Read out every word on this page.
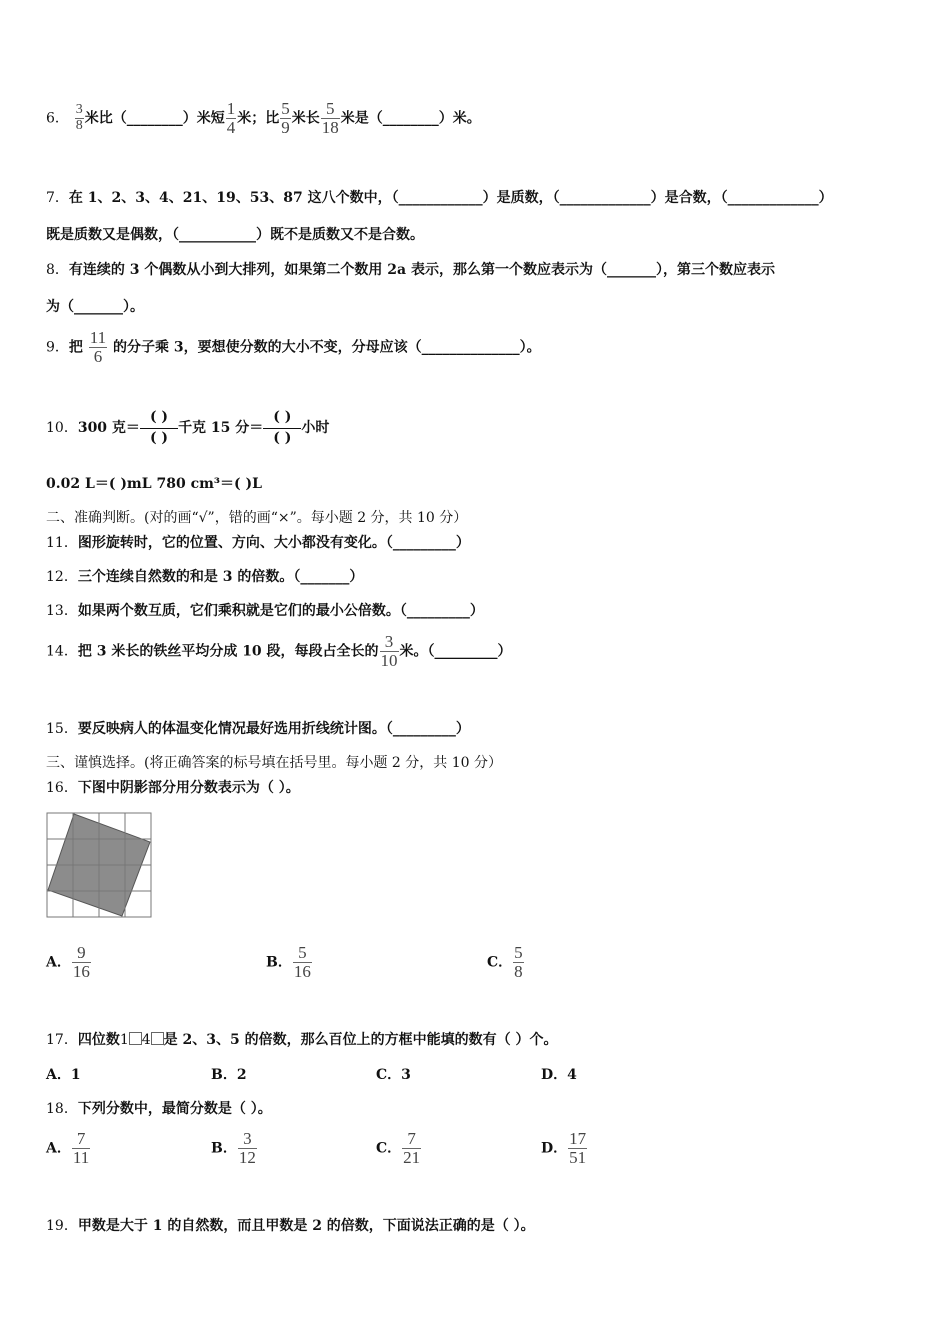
6． $\frac{3}{8}$ 米比（________）米短 $\frac{1}{4}$ 米；比 $\frac{5}{9}$ 米长 $\frac{5}{18}$ 米是（________）米。
7．在 1、2、3、4、21、19、53、87 这八个数中，（____________）是质数，（_____________）是合数，（_____________）
既是质数又是偶数，（___________）既不是质数又不是合数。
8．有连续的 3 个偶数从小到大排列，如果第二个数用 2a 表示，那么第一个数应表示为（_______），第三个数应表示
为（_______）。
9．把 $\frac{11}{6}$ 的分子乘 3，要想使分数的大小不变，分母应该（______________）。
10．300 克＝
( )
( )
千克 15 分＝
( )
( )
小时
0.02 L＝( )mL 780 cm³＝( )L
二、准确判断。(对的画“√”，错的画“×”。每小题 2 分，共 10 分）
11．图形旋转时，它的位置、方向、大小都没有变化。（_________）
12．三个连续自然数的和是 3 的倍数。（_______）
13．如果两个数互质，它们乘积就是它们的最小公倍数。（_________）
14．把 3 米长的铁丝平均分成 10 段，每段占全长的 $\frac{3}{10}$ 米。（_________）
15．要反映病人的体温变化情况最好选用折线统计图。（_________）
三、谨慎选择。(将正确答案的标号填在括号里。每小题 2 分，共 10 分）
16．下图中阴影部分用分数表示为（ ）。
A． $\frac{9}{16}$	B． $\frac{5}{16}$	C． $\frac{5}{8}$
17．四位数1 4 是 2、3、5 的倍数，那么百位上的方框中能填的数有（ ）个。
A．1	B．2	C．3	D．4
18．下列分数中，最简分数是（ ）。
A． $\frac{7}{11}$	B． $\frac{3}{12}$	C． $\frac{7}{21}$	D． $\frac{17}{51}$
19．甲数是大于 1 的自然数，而且甲数是 2 的倍数，下面说法正确的是（ ）。
